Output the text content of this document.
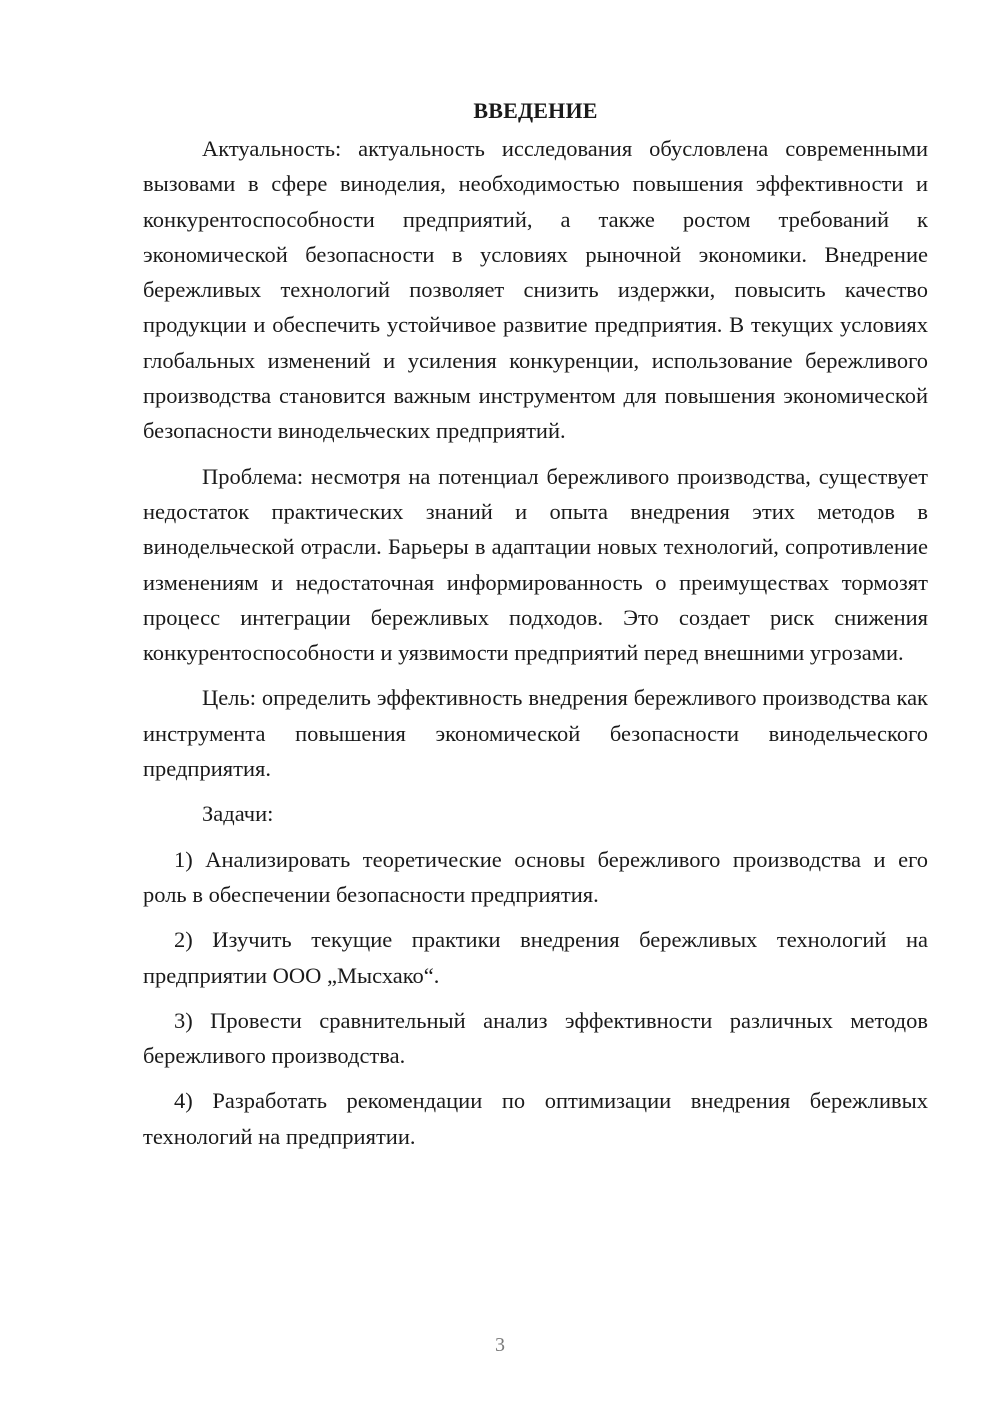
ВВЕДЕНИЕ

Актуальность: актуальность исследования обусловлена современными вызовами в сфере виноделия, необходимостью повышения эффективности и конкурентоспособности предприятий, а также ростом требований к экономической безопасности в условиях рыночной экономики. Внедрение бережливых технологий позволяет снизить издержки, повысить качество продукции и обеспечить устойчивое развитие предприятия. В текущих условиях глобальных изменений и усиления конкуренции, использование бережливого производства становится важным инструментом для повышения экономической безопасности винодельческих предприятий.

Проблема: несмотря на потенциал бережливого производства, существует недостаток практических знаний и опыта внедрения этих методов в винодельческой отрасли. Барьеры в адаптации новых технологий, сопротивление изменениям и недостаточная информированность о преимуществах тормозят процесс интеграции бережливых подходов. Это создает риск снижения конкурентоспособности и уязвимости предприятий перед внешними угрозами.

Цель: определить эффективность внедрения бережливого производства как инструмента повышения экономической безопасности винодельческого предприятия.

Задачи:

1) Анализировать теоретические основы бережливого производства и его роль в обеспечении безопасности предприятия.

2) Изучить текущие практики внедрения бережливых технологий на предприятии ООО „Мысхако“.

3) Провести сравнительный анализ эффективности различных методов бережливого производства.

4) Разработать рекомендации по оптимизации внедрения бережливых технологий на предприятии.

3
